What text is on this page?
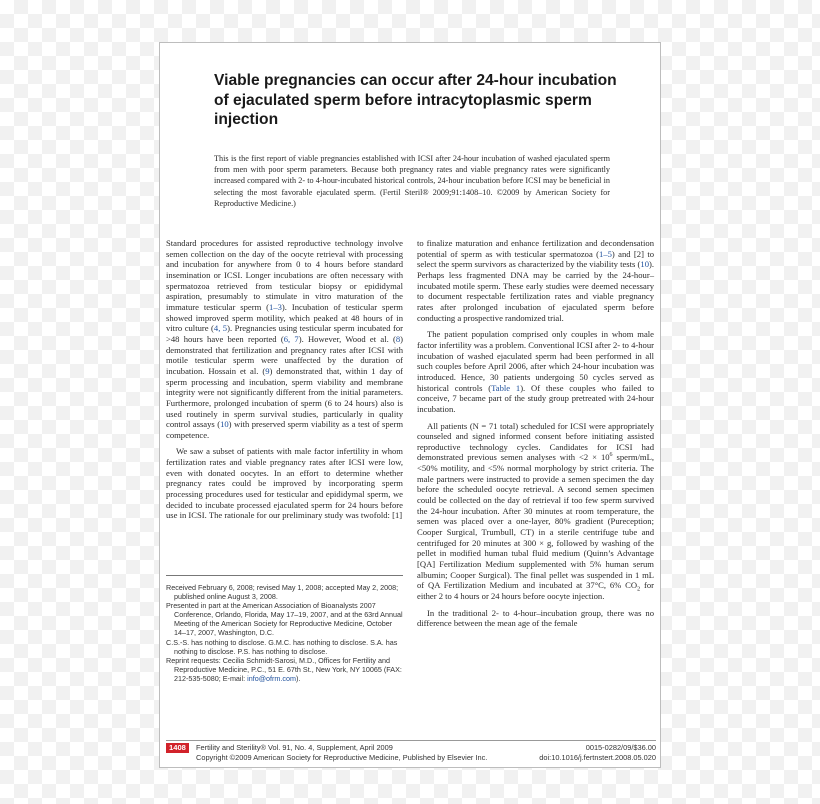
Viable pregnancies can occur after 24-hour incubation of ejaculated sperm before intracytoplasmic sperm injection

This is the first report of viable pregnancies established with ICSI after 24-hour incubation of washed ejaculated sperm from men with poor sperm parameters. Because both pregnancy rates and viable pregnancy rates were significantly increased compared with 2- to 4-hour-incubated historical controls, 24-hour incubation before ICSI may be beneficial in selecting the most favorable ejaculated sperm. (Fertil Steril® 2009;91:1408–10. ©2009 by American Society for Reproductive Medicine.)

Standard procedures for assisted reproductive technology involve semen collection on the day of the oocyte retrieval with processing and incubation for anywhere from 0 to 4 hours before standard insemination or ICSI. Longer incubations are often necessary with spermatozoa retrieved from testicular biopsy or epididymal aspiration, presumably to stimulate in vitro maturation of the immature testicular sperm (1–3). Incubation of testicular sperm showed improved sperm motility, which peaked at 48 hours of in vitro culture (4, 5). Pregnancies using testicular sperm incubated for >48 hours have been reported (6, 7). However, Wood et al. (8) demonstrated that fertilization and pregnancy rates after ICSI with motile testicular sperm were unaffected by the duration of incubation. Hossain et al. (9) demonstrated that, within 1 day of sperm processing and incubation, sperm viability and membrane integrity were not significantly different from the initial parameters. Furthermore, prolonged incubation of sperm (6 to 24 hours) also is used routinely in sperm survival studies, particularly in quality control assays (10) with preserved sperm viability as a test of sperm competence.

We saw a subset of patients with male factor infertility in whom fertilization rates and viable pregnancy rates after ICSI were low, even with donated oocytes. In an effort to determine whether pregnancy rates could be improved by incorporating sperm processing procedures used for testicular and epididymal sperm, we decided to incubate processed ejaculated sperm for 24 hours before use in ICSI. The rationale for our preliminary study was twofold: [1]

Received February 6, 2008; revised May 1, 2008; accepted May 2, 2008; published online August 3, 2008.

Presented in part at the American Association of Bioanalysts 2007 Conference, Orlando, Florida, May 17–19, 2007, and at the 63rd Annual Meeting of the American Society for Reproductive Medicine, October 14–17, 2007, Washington, D.C.

C.S.-S. has nothing to disclose. G.M.C. has nothing to disclose. S.A. has nothing to disclose. P.S. has nothing to disclose.

Reprint requests: Cecilia Schmidt-Sarosi, M.D., Offices for Fertility and Reproductive Medicine, P.C., 51 E. 67th St., New York, NY 10065 (FAX: 212-535-5080; E-mail: info@ofrm.com).

to finalize maturation and enhance fertilization and decondensation potential of sperm as with testicular spermatozoa (1–5) and [2] to select the sperm survivors as characterized by the viability tests (10). Perhaps less fragmented DNA may be carried by the 24-hour–incubated motile sperm. These early studies were deemed necessary to document respectable fertilization rates and viable pregnancy rates after prolonged incubation of ejaculated sperm before conducting a prospective randomized trial.

The patient population comprised only couples in whom male factor infertility was a problem. Conventional ICSI after 2- to 4-hour incubation of washed ejaculated sperm had been performed in all such couples before April 2006, after which 24-hour incubation was introduced. Hence, 30 patients undergoing 50 cycles served as historical controls (Table 1). Of these couples who failed to conceive, 7 became part of the study group pretreated with 24-hour incubation.

All patients (N = 71 total) scheduled for ICSI were appropriately counseled and signed informed consent before initiating assisted reproductive technology cycles. Candidates for ICSI had demonstrated previous semen analyses with $<2 \times 10^6$ sperm/mL, <50% motility, and <5% normal morphology by strict criteria. The male partners were instructed to provide a semen specimen the day before the scheduled oocyte retrieval. A second semen specimen could be collected on the day of retrieval if too few sperm survived the 24-hour incubation. After 30 minutes at room temperature, the semen was placed over a one-layer, 80% gradient (Pureception; Cooper Surgical, Trumbull, CT) in a sterile centrifuge tube and centrifuged for 20 minutes at 300 × g, followed by washing of the pellet in modified human tubal fluid medium (Quinn’s Advantage [QA] Fertilization Medium supplemented with 5% human serum albumin; Cooper Surgical). The final pellet was suspended in 1 mL of QA Fertilization Medium and incubated at 37°C, 6% $CO_2$ for either 2 to 4 hours or 24 hours before oocyte injection.

In the traditional 2- to 4-hour–incubation group, there was no difference between the mean age of the female

1408	Fertility and Sterility® Vol. 91, No. 4, Supplement, April 2009
Copyright ©2009 American Society for Reproductive Medicine, Published by Elsevier Inc.
0015-0282/09/$36.00
doi:10.1016/j.fertnstert.2008.05.020
